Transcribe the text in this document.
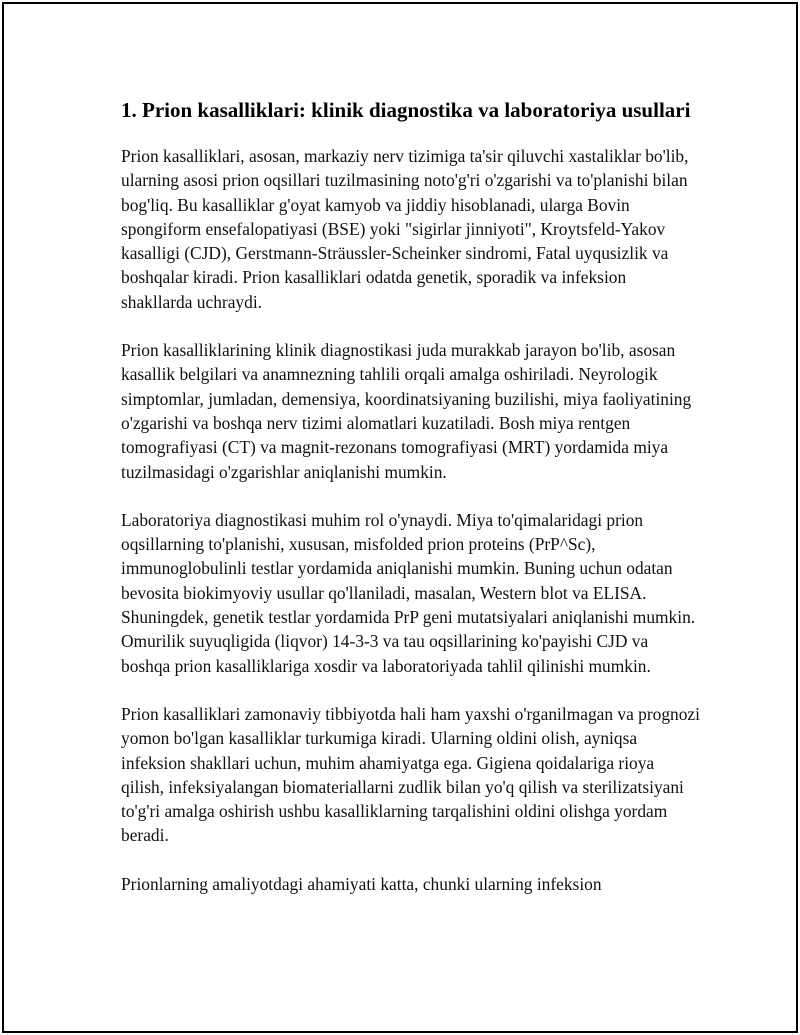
1. Prion kasalliklari: klinik diagnostika va laboratoriya usullari

Prion kasalliklari, asosan, markaziy nerv tizimiga ta'sir qiluvchi xastaliklar bo'lib, ularning asosi prion oqsillari tuzilmasining noto'g'ri o'zgarishi va to'planishi bilan bog'liq. Bu kasalliklar g'oyat kamyob va jiddiy hisoblanadi, ularga Bovin spongiform ensefalopatiyasi (BSE) yoki "sigirlar jinniyoti", Kroytsfeld-Yakov kasalligi (CJD), Gerstmann-Sträussler-Scheinker sindromi, Fatal uyqusizlik va boshqalar kiradi. Prion kasalliklari odatda genetik, sporadik va infeksion shakllarda uchraydi.

Prion kasalliklarining klinik diagnostikasi juda murakkab jarayon bo'lib, asosan kasallik belgilari va anamnezning tahlili orqali amalga oshiriladi. Neyrologik simptomlar, jumladan, demensiya, koordinatsiyaning buzilishi, miya faoliyatining o'zgarishi va boshqa nerv tizimi alomatlari kuzatiladi. Bosh miya rentgen tomografiyasi (CT) va magnit-rezonans tomografiyasi (MRT) yordamida miya tuzilmasidagi o'zgarishlar aniqlanishi mumkin.

Laboratoriya diagnostikasi muhim rol o'ynaydi. Miya to'qimalaridagi prion oqsillarning to'planishi, xususan, misfolded prion proteins (PrP^Sc), immunoglobulinli testlar yordamida aniqlanishi mumkin. Buning uchun odatan bevosita biokimyoviy usullar qo'llaniladi, masalan, Western blot va ELISA. Shuningdek, genetik testlar yordamida PrP geni mutatsiyalari aniqlanishi mumkin. Omurilik suyuqligida (liqvor) 14-3-3 va tau oqsillarining ko'payishi CJD va boshqa prion kasalliklariga xosdir va laboratoriyada tahlil qilinishi mumkin.

Prion kasalliklari zamonaviy tibbiyotda hali ham yaxshi o'rganilmagan va prognozi yomon bo'lgan kasalliklar turkumiga kiradi. Ularning oldini olish, ayniqsa infeksion shakllari uchun, muhim ahamiyatga ega. Gigiena qoidalariga rioya qilish, infeksiyalangan biomateriallarni zudlik bilan yo'q qilish va sterilizatsiyani to'g'ri amalga oshirish ushbu kasalliklarning tarqalishini oldini olishga yordam beradi.

Prionlarning amaliyotdagi ahamiyati katta, chunki ularning infeksion
